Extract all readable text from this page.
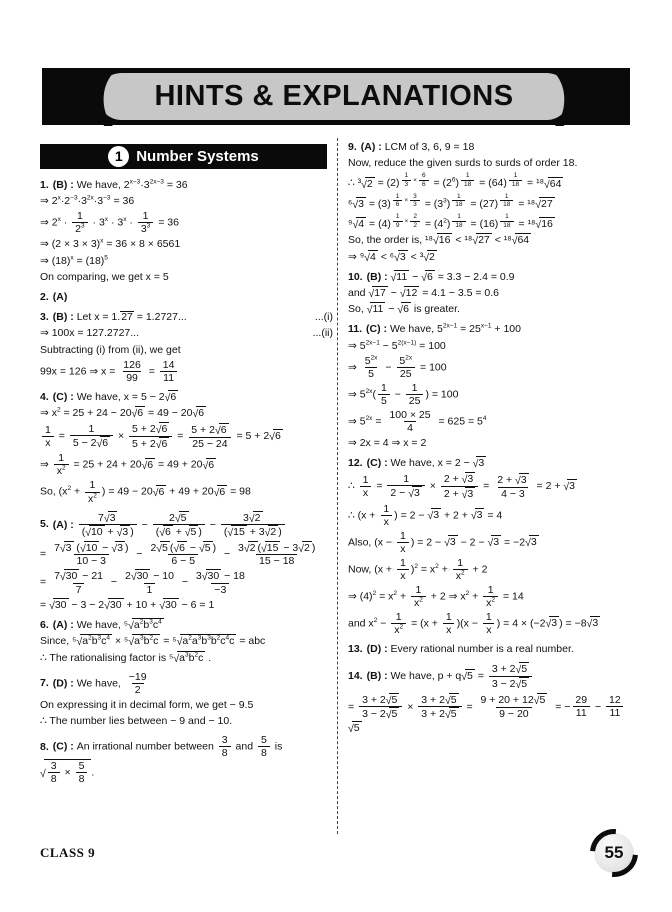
( HINTS & EXPLANATIONS )
1 Number Systems
1. (B) : We have, $2^{x-3}\cdot 3^{2x-3} = 36$
⇒ $2^x\cdot 2^{-3}\cdot 3^{2x}\cdot 3^{-3} = 36$
⇒ $2^x \cdot \frac{1}{2^3} \cdot 3^x \cdot 3^x \cdot \frac{1}{3^3} = 36$
⇒ $(2 \times 3 \times 3)^x = 36 \times 8 \times 6561$
⇒ $(18)^x = (18)^5$
On comparing, we get x = 5
2. (A)
3. (B) : Let x = 1.27 = 1.2727...	...(i)
⇒ 100x = 127.2727...	...(ii)
Subtracting (i) from (ii), we get
99x = 126 ⇒ $x = \frac{126}{99} = \frac{14}{11}$
4. (C) : We have, x = 5 − 2√6
⇒ $x^2 = 25 + 24 - 20√6 = 49 - 20√6$
$\frac{1}{x} = \frac{1}{5 - 2√6} \times \frac{5 + 2√6}{5 + 2√6} = \frac{5 + 2√6}{25 - 24} = 5 + 2√6$
⇒ $\frac{1}{x^2} = 25 + 24 + 20√6 = 49 + 20√6$
So, ($x^2 + \frac{1}{x^2}$ ) = 49 − 20√6 + 49 + 20√6 = 98
5. (A) : $\frac{7√3}{(√10 + √3 )} - \frac{2√5}{(√6 + √5 )} - \frac{3√2}{(√15 + 3√2 )}$
= $\frac{7√3 (√10 - √3 )}{10 - 3} - \frac{2√5 (√6 - √5 )}{6 - 5} - \frac{3√2 (√15 - 3√2 )}{15 - 18}$
= $\frac{7√30 - 21}{7} - \frac{2√30 - 10}{1} - \frac{3√30 - 18}{-3}$
= √30 − 3 − 2√30 + 10 + √30 − 6 = 1
6. (A) : We have, $^5√a^2b^3c^4$
Since, $^5√a^2b^3c^4 \times ^5√a^3b^2c = ^5√a^2a^3b^3b^2c^4c$ = abc
∴ The rationalising factor is $^5√a^3b^2c$ .
7. (D) : We have, $\frac{-19}{2}$
On expressing it in decimal form, we get − 9.5
∴ The number lies between − 9 and − 10.
8. (C) : An irrational number between $\frac{3}{8}$ and $\frac{5}{8}$ is √ $\frac{3}{8} \times \frac{5}{8}$ .
9. (A) : LCM of 3, 6, 9 = 18
Now, reduce the given surds to surds of order 18.
∴ ³√2 = (2) $^{\frac{1}{3} \times \frac{6}{6}} = (2^6) ^{\frac{1}{18}} = (64) ^{\frac{1}{18}} = ^{18}√64$
⁶√3 = (3) $^{\frac{1}{6} \times \frac{3}{3}} = (3^3) ^{\frac{1}{18}} = (27) ^{\frac{1}{18}} = ^{18}√27$
⁹√4 = (4) $^{\frac{1}{9} \times \frac{2}{2}} = (4^2) ^{\frac{1}{18}} = (16) ^{\frac{1}{18}} = ^{18}√16$
So, the order is, ¹⁸√16 < ¹⁸√27 < ¹⁸√64
⇒ ⁹√4 < ⁶√3 < ³√2
10. (B) : √11 − √6 = 3.3 − 2.4 = 0.9
and √17 − √12 = 4.1 − 3.5 = 0.6
So, √11 − √6 is greater.
11. (C) : We have, $5^{2x-1} = 25^{x-1} + 100$
⇒ $5^{2x-1} - 5^{2(x-1)} = 100$
⇒ $\frac{5^{2x}}{5} - \frac{5^{2x}}{25} = 100$
⇒ $5^{2x}( \frac{1}{5} - \frac{1}{25}$ ) = 100
⇒ $5^{2x} = \frac{100 \times 25}{4} = 625 = 5^4$
⇒ 2x = 4 ⇒ x = 2
12. (C) : We have, x = 2 − √3
∴ $\frac{1}{x} = \frac{1}{2 - √3} \times \frac{2 + √3}{2 + √3} = \frac{2 + √3}{4 - 3} = 2 + √3$
∴ ($x + \frac{1}{x}$ ) = 2 − √3 + 2 + √3 = 4
Also, ($x - \frac{1}{x}$ ) = 2 − √3 − 2 − √3 = −2√3
Now, $(x + \frac{1}{x} )^2 = x^2 + \frac{1}{x^2} + 2$
⇒ $(4)^2 = x^2 + \frac{1}{x^2} + 2$ ⇒ $x^2 + \frac{1}{x^2} = 14$
and $x^2 - \frac{1}{x^2} = (x + \frac{1}{x} )(x - \frac{1}{x}$ ) = 4 × (−2√3 ) = −8√3
13. (D) : Every rational number is a real number.
14. (B) : We have, $p + q√5 = \frac{3 + 2√5}{3 - 2√5}$
= $\frac{3 + 2√5}{3 - 2√5} \times \frac{3 + 2√5}{3 + 2√5} = \frac{9 + 20 + 12√5}{9 - 20}$ = − $\frac{29}{11} - \frac{12}{11}$
√5
CLASS 9	55
